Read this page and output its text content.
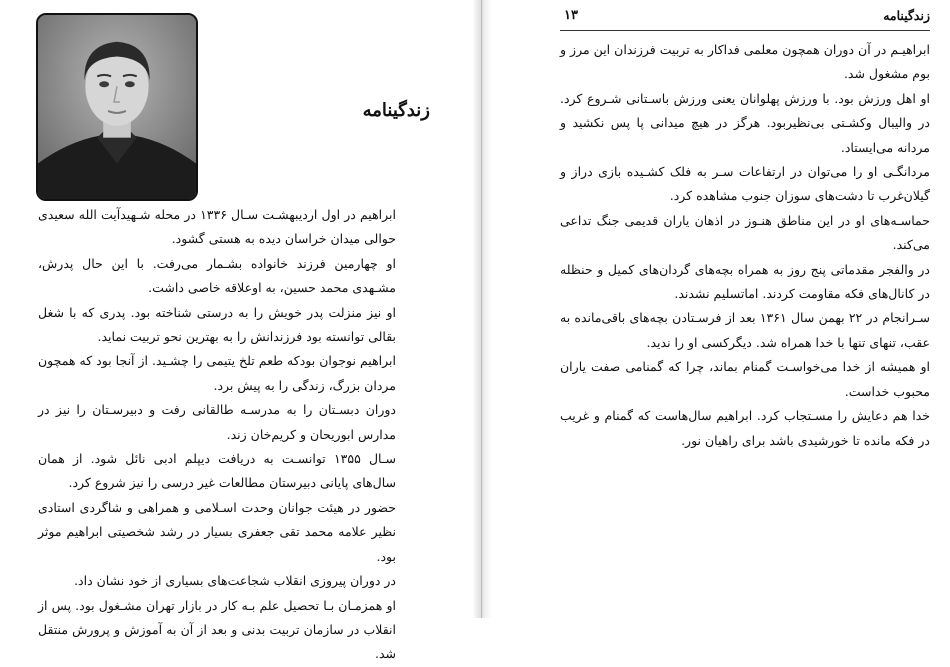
زندگینامه

ابراهیم در اول اردیبهشـت سـال ۱۳۳۶ در محله شـهیدآیت الله سعیدی حوالی میدان خراسان دیده به هستی گشود.

او چهارمین فرزند خانواده بشـمار می‌رفت. با این حال پدرش، مشـهدی محمد حسین، به اوعلاقه خاصی داشت.

او نیز منزلت پدر خویش را به درستی شناخته بود. پدری که با شغل بقالی توانسته بود فرزندانش را به بهترین نحو تربیت نماید.

ابراهیم نوجوان بودکه طعم تلخ یتیمی را چشـید. از آنجا بود که همچون مردان بزرگ، زندگی را به پیش برد.

دوران دبسـتان را به مدرسـه طالقانی رفت و دبیرسـتان را نیز در مدارس ابوریحان و کریم‌خان زند.

سـال ۱۳۵۵ توانسـت به دریافت دیپلم ادبی نائل شود. از همان سال‌های پایانی دبیرستان مطالعات غیر درسی را نیز شروع کرد.

حضور در هیئت جوانان وحدت اسـلامی و همراهی و شاگردی استادی نظیر علامه محمد تقی جعفری بسیار در رشد شخصیتی ابراهیم موثر بود.

در دوران پیروزی انقلاب شجاعت‌های بسیاری از خود نشان داد.

او همزمـان بـا تحصیل علم بـه کار در بازار تهران مشـغول بود. پس از انقلاب در سازمان تربیت بدنی و بعد از آن به آموزش و پرورش منتقل شد.

زندگینامه
۱۳

ابراهیـم در آن دوران همچون معلمی فداکار به تربیت فرزندان این مرز و بوم مشغول شد.

او اهل ورزش بود. با ورزش پهلوانان یعنی ورزش باسـتانی شـروع کرد. در والیبال وکشـتی بی‌نظیربود. هرگز در هیچ میدانی پا پس نکشید و مردانه می‌ایستاد.

مردانگـی او را می‌توان در ارتفاعات سـر به فلک کشـیده بازی دراز و گیلان‌غرب تا دشت‌های سوزان جنوب مشاهده کرد.

حماسـه‌های او در این مناطق هنـوز در اذهان یاران قدیمی جنگ تداعی می‌کند.

در والفجر مقدماتی پنج روز به همراه بچه‌های گردان‌های کمیل و حنظله در کانال‌های فکه مقاومت کردند. اماتسلیم نشدند.

سـرانجام در ۲۲ بهمن سال ۱۳۶۱ بعد از فرسـتادن بچه‌های باقی‌مانده به عقب، تنهای تنها با خدا همراه شد. دیگرکسی او را ندید.

او همیشه از خدا می‌خواسـت گمنام بماند، چرا که گمنامی صفت یاران محبوب خداست.

خدا هم دعایش را مسـتجاب کرد. ابراهیم سال‌هاست که گمنام و غریب در فکه مانده تا خورشیدی باشد برای راهیان نور.
